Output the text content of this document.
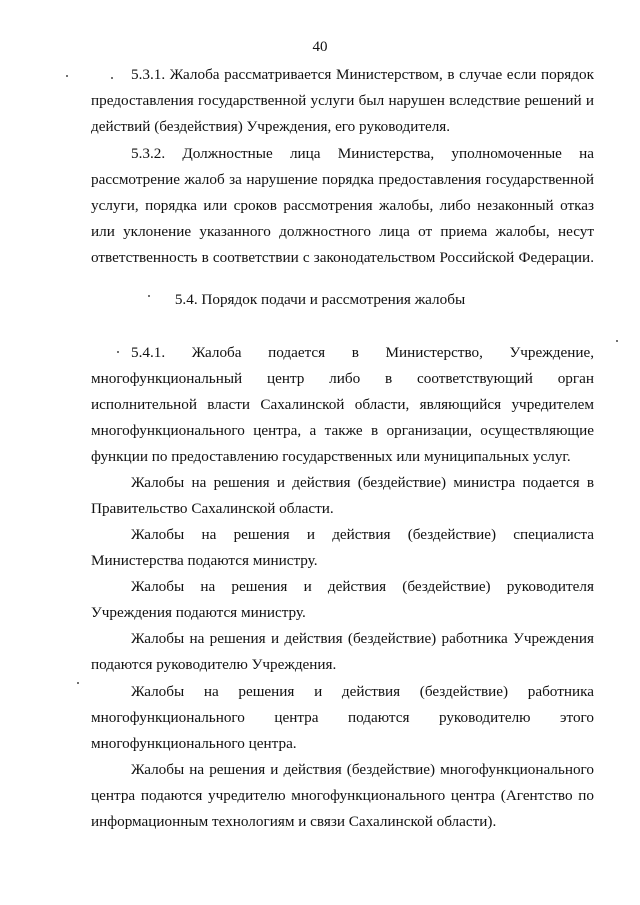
40
5.3.1. Жалоба рассматривается Министерством, в случае если порядок
предоставления государственной услуги был нарушен вследствие решений и
действий (бездействия) Учреждения, его руководителя.
5.3.2. Должностные лица Министерства, уполномоченные на
рассмотрение жалоб за нарушение порядка предоставления государственной
услуги, порядка или сроков рассмотрения жалобы, либо незаконный отказ
или уклонение указанного должностного лица от приема жалобы, несут
ответственность в соответствии с законодательством Российской Федерации.
5.4. Порядок подачи и рассмотрения жалобы
5.4.1. Жалоба подается в Министерство, Учреждение,
многофункциональный центр либо в соответствующий орган
исполнительной власти Сахалинской области, являющийся учредителем
многофункционального центра, а также в организации, осуществляющие
функции по предоставлению государственных или муниципальных услуг.
Жалобы на решения и действия (бездействие) министра подается в
Правительство Сахалинской области.
Жалобы на решения и действия (бездействие) специалиста
Министерства подаются министру.
Жалобы на решения и действия (бездействие) руководителя
Учреждения подаются министру.
Жалобы на решения и действия (бездействие) работника Учреждения
подаются руководителю Учреждения.
Жалобы на решения и действия (бездействие) работника
многофункционального центра подаются руководителю этого
многофункционального центра.
Жалобы на решения и действия (бездействие) многофункционального
центра подаются учредителю многофункционального центра (Агентство по
информационным технологиям и связи Сахалинской области).
